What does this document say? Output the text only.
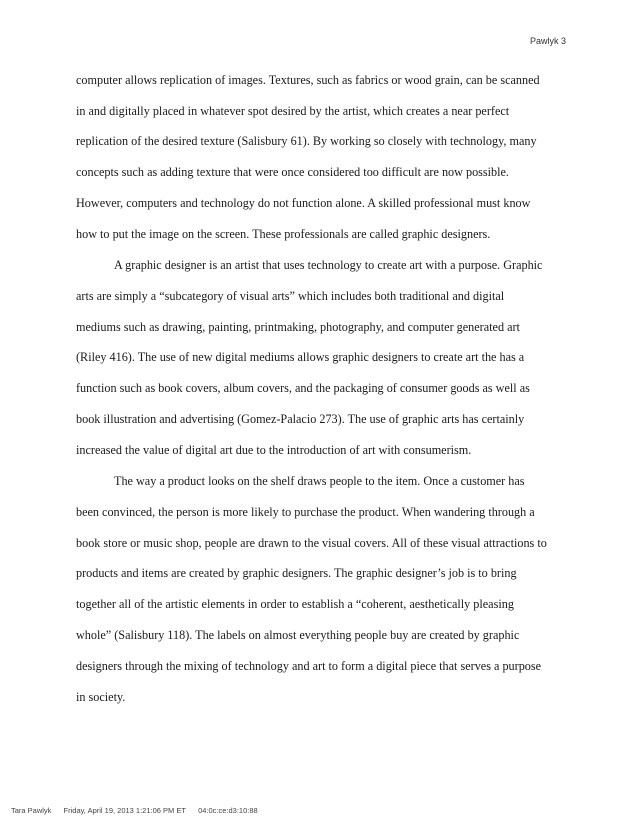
Pawlyk 3
computer allows replication of images. Textures, such as fabrics or wood grain, can be scanned
in and digitally placed in whatever spot desired by the artist, which creates a near perfect
replication of the desired texture (Salisbury 61). By working so closely with technology, many
concepts such as adding texture that were once considered too difficult are now possible.
However, computers and technology do not function alone. A skilled professional must know
how to put the image on the screen. These professionals are called graphic designers.
A graphic designer is an artist that uses technology to create art with a purpose. Graphic
arts are simply a “subcategory of visual arts” which includes both traditional and digital
mediums such as drawing, painting, printmaking, photography, and computer generated art
(Riley 416). The use of new digital mediums allows graphic designers to create art the has a
function such as book covers, album covers, and the packaging of consumer goods as well as
book illustration and advertising (Gomez-Palacio 273). The use of graphic arts has certainly
increased the value of digital art due to the introduction of art with consumerism.
The way a product looks on the shelf draws people to the item. Once a customer has
been convinced, the person is more likely to purchase the product. When wandering through a
book store or music shop, people are drawn to the visual covers. All of these visual attractions to
products and items are created by graphic designers. The graphic designer’s job is to bring
together all of the artistic elements in order to establish a “coherent, aesthetically pleasing
whole” (Salisbury 118). The labels on almost everything people buy are created by graphic
designers through the mixing of technology and art to form a digital piece that serves a purpose
in society.
Tara Pawlyk Friday, April 19, 2013 1:21:06 PM ET 04:0c:ce:d3:10:88
